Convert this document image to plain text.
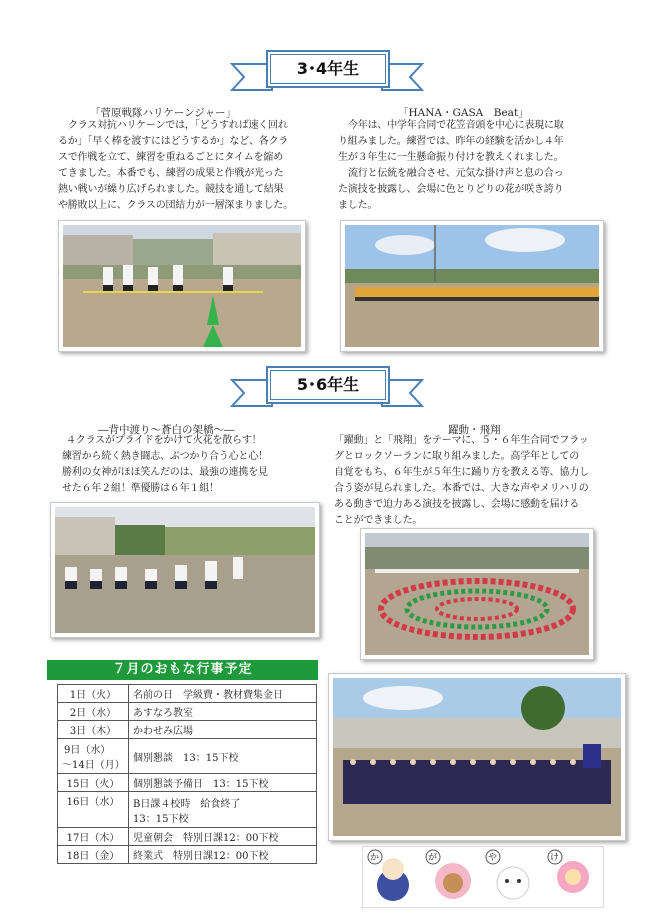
3･4年生
「菅原戦隊ハリケーンジャー」

クラス対抗ハリケーンでは，「どうすれば速く回れ

るか」「早く棒を渡すにはどうするか」など、各クラ

スで作戦を立て、練習を重ねるごとにタイムを縮め

てきました。本番でも、練習の成果と作戦が光った

熱い戦いが繰り広げられました。競技を通して結果

や勝敗以上に、クラスの団結力が一層深まりました。

「HANA・GASA　Beat」

今年は、中学年合同で花笠音頭を中心に表現に取

り組みました。練習では、昨年の経験を活かし４年

生が３年生に一生懸命振り付けを教えくれました。

流行と伝統を融合させ、元気な掛け声と息の合っ

た演技を披露し、会場に色とりどりの花が咲き誇り

ました。

5･6年生
―背中渡り～蒼白の架橋～―

４クラスがプライドをかけて火花を散らす！

練習から続く熱き闘志、ぶつかり合う心と心！

勝利の女神がほほ笑んだのは、最強の連携を見

せた６年２組！準優勝は６年１組！

躍動・飛翔

「躍動」と「飛翔」をテーマに、５・６年生合同でフラッ

グとロックソーランに取り組みました。高学年としての

自覚をもち、６年生が５年生に踊り方を教える等、協力し

合う姿が見られました。本番では、大きな声やメリハリの

ある動きで迫力ある演技を披露し、会場に感動を届ける

ことができました。

７月のおもな行事予定
1日（火）	名前の日　学級費・教材費集金日
2日（水）	あすなろ教室
3日（木）	かわせみ広場

9日（水）
～14日（月）	個別懇談　13：15下校
15日（火）	個別懇談予備日　13：15下校
16日（水）	B日課４校時　給食終了
13：15下校

17日（木）	児童朝会　特別日課12：00下校
18日（金）	終業式　特別日課12：00下校	か	が	や	け
